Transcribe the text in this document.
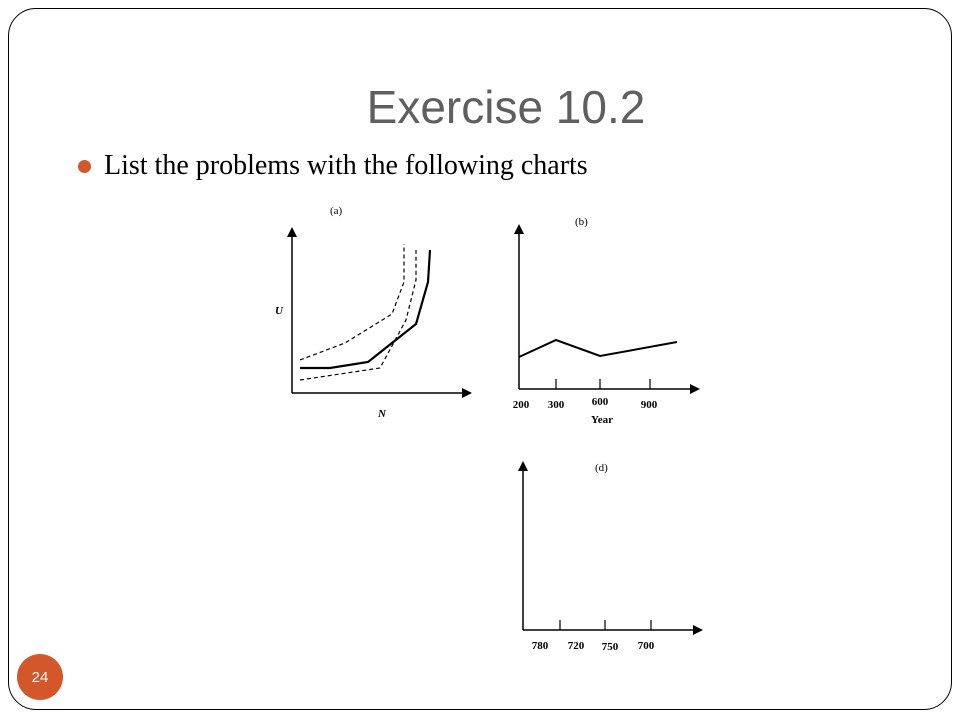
Exercise 10.2
List the problems with the following charts
(a)
U
N
(b)
200 300	600	900
Year
(d)
780 720 750 700
24
